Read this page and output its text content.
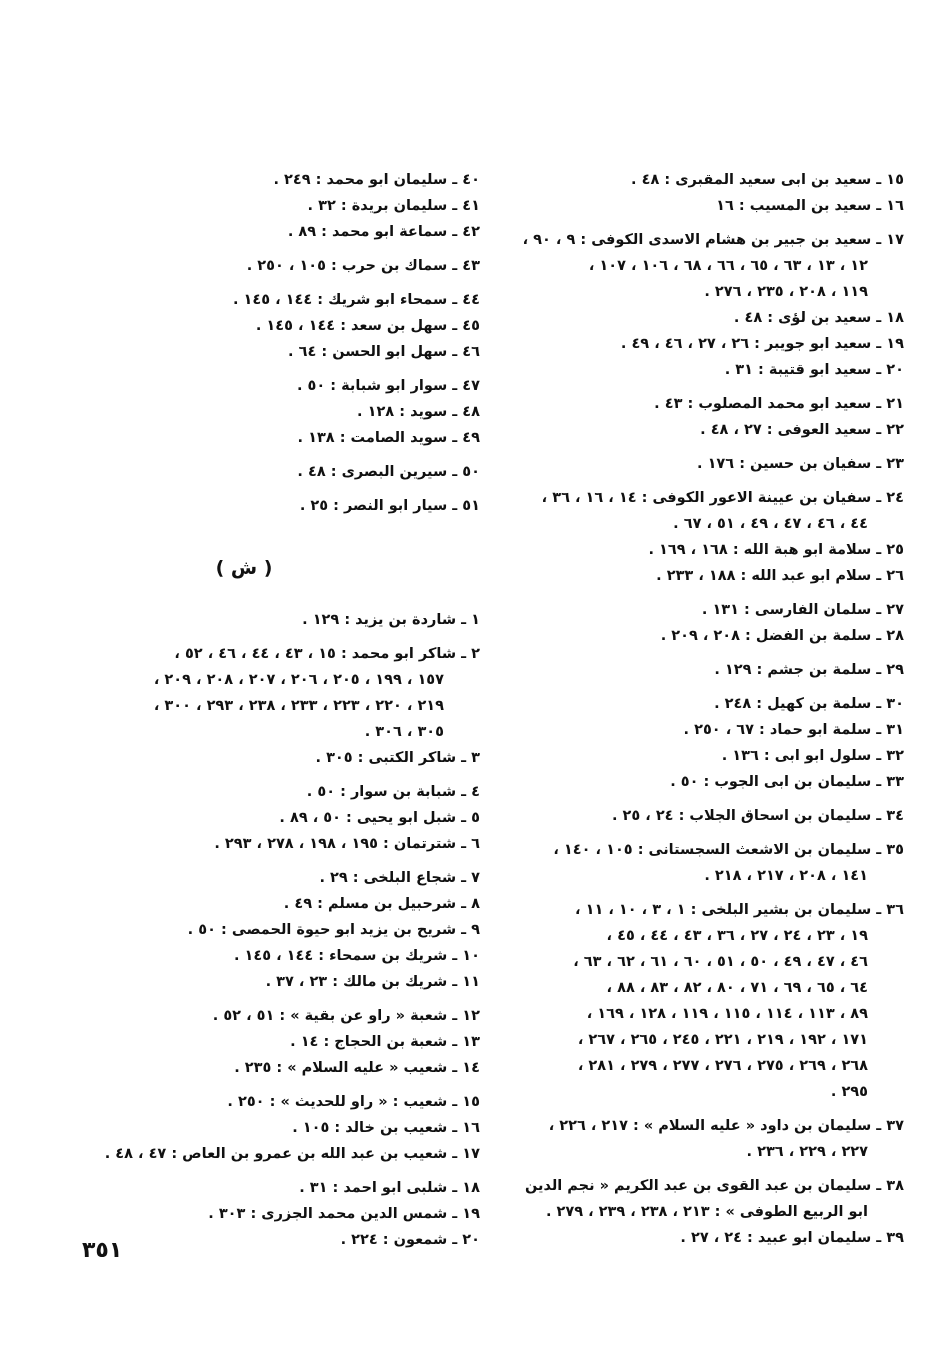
١٥ ـ سعيد بن ابى سعيد المقبرى : ٤٨ .
١٦ ـ سعيد بن المسيب : ١٦
١٧ ـ سعيد بن جبير بن هشام الاسدى الكوفى : ٩ ، ٩٠ ،
١٢ ، ١٣ ، ٦٣ ، ٦٥ ، ٦٦ ، ٦٨ ، ١٠٦ ، ١٠٧ ،
١١٩ ، ٢٠٨ ، ٢٣٥ ، ٢٧٦ .
١٨ ـ سعيد بن لؤى : ٤٨ .
١٩ ـ سعيد ابو جويبر : ٢٦ ، ٢٧ ، ٤٦ ، ٤٩ .
٢٠ ـ سعيد ابو قتيبة : ٣١ .
٢١ ـ سعيد ابو محمد المصلوب : ٤٣ .
٢٢ ـ سعيد العوفى : ٢٧ ، ٤٨ .
٢٣ ـ سفيان بن حسين : ١٧٦ .
٢٤ ـ سفيان بن عيينة الاعور الكوفى : ١٤ ، ١٦ ، ٣٦ ،
٤٤ ، ٤٦ ، ٤٧ ، ٤٩ ، ٥١ ، ٦٧ .
٢٥ ـ سلامة ابو هبة الله : ١٦٨ ، ١٦٩ .
٢٦ ـ سلام ابو عبد الله : ١٨٨ ، ٢٣٣ .
٢٧ ـ سلمان الفارسى : ١٣١ .
٢٨ ـ سلمة بن الفضل : ٢٠٨ ، ٢٠٩ .
٢٩ ـ سلمة بن جشم : ١٢٩ .
٣٠ ـ سلمة بن كهيل : ٢٤٨ .
٣١ ـ سلمة ابو حماد : ٦٧ ، ٢٥٠ .
٣٢ ـ سلول ابو ابى : ١٣٦ .
٣٣ ـ سليمان بن ابى الجوب : ٥٠ .
٣٤ ـ سليمان بن اسحاق الجلاب : ٢٤ ، ٢٥ .
٣٥ ـ سليمان بن الاشعث السجستانى : ١٠٥ ، ١٤٠ ،
١٤١ ، ٢٠٨ ، ٢١٧ ، ٢١٨ .
٣٦ ـ سليمان بن بشير البلخى : ١ ، ٣ ، ١٠ ، ١١ ،
١٩ ، ٢٣ ، ٢٤ ، ٢٧ ، ٣٦ ، ٤٣ ، ٤٤ ، ٤٥ ،
٤٦ ، ٤٧ ، ٤٩ ، ٥٠ ، ٥١ ، ٦٠ ، ٦١ ، ٦٢ ، ٦٣ ،
٦٤ ، ٦٥ ، ٦٩ ، ٧١ ، ٨٠ ، ٨٢ ، ٨٣ ، ٨٨ ،
٨٩ ، ١١٣ ، ١١٤ ، ١١٥ ، ١١٩ ، ١٢٨ ، ١٦٩ ،
١٧١ ، ١٩٢ ، ٢١٩ ، ٢٢١ ، ٢٤٥ ، ٢٦٥ ، ٢٦٧ ،
٢٦٨ ، ٢٦٩ ، ٢٧٥ ، ٢٧٦ ، ٢٧٧ ، ٢٧٩ ، ٢٨١ ،
٢٩٥ .
٣٧ ـ سليمان بن داود « عليه السلام » : ٢١٧ ، ٢٢٦ ،
٢٢٧ ، ٢٢٩ ، ٢٣٦ .
٣٨ ـ سليمان بن عبد القوى بن عبد الكريم « نجم الدين
ابو الربيع الطوفى » : ٢١٣ ، ٢٣٨ ، ٢٣٩ ، ٢٧٩ .
٣٩ ـ سليمان ابو عبيد : ٢٤ ، ٢٧ .
٤٠ ـ سليمان ابو محمد : ٢٤٩ .
٤١ ـ سليمان بريدة : ٣٢ .
٤٢ ـ سماعة ابو محمد : ٨٩ .
٤٣ ـ سماك بن حرب : ١٠٥ ، ٢٥٠ .
٤٤ ـ سمحاء ابو شريك : ١٤٤ ، ١٤٥ .
٤٥ ـ سهل بن سعد : ١٤٤ ، ١٤٥ .
٤٦ ـ سهل ابو الحسن : ٦٤ .
٤٧ ـ سوار ابو شبابة : ٥٠ .
٤٨ ـ سويد : ١٢٨ .
٤٩ ـ سويد الصامت : ١٣٨ .
٥٠ ـ سيرين البصرى : ٤٨ .
٥١ ـ سيار ابو النصر : ٢٥ .
( ش )
١ ـ شاردة بن يزيد : ١٢٩ .
٢ ـ شاكر ابو محمد : ١٥ ، ٤٣ ، ٤٤ ، ٤٦ ، ٥٢ ،
١٥٧ ، ١٩٩ ، ٢٠٥ ، ٢٠٦ ، ٢٠٧ ، ٢٠٨ ، ٢٠٩ ،
٢١٩ ، ٢٢٠ ، ٢٢٣ ، ٢٣٣ ، ٢٣٨ ، ٢٩٣ ، ٣٠٠ ،
٣٠٥ ، ٣٠٦ .
٣ ـ شاكر الكتبى : ٣٠٥ .
٤ ـ شبابة بن سوار : ٥٠ .
٥ ـ شبل ابو يحيى : ٥٠ ، ٨٩ .
٦ ـ شترتمان : ١٩٥ ، ١٩٨ ، ٢٧٨ ، ٢٩٣ .
٧ ـ شجاع البلخى : ٢٩ .
٨ ـ شرحبيل بن مسلم : ٤٩ .
٩ ـ شريح بن يزيد ابو حيوة الحمصى : ٥٠ .
١٠ ـ شريك بن سمحاء : ١٤٤ ، ١٤٥ .
١١ ـ شريك بن مالك : ٢٣ ، ٣٧ .
١٢ ـ شعبة « راو عن بقية » : ٥١ ، ٥٢ .
١٣ ـ شعبة بن الحجاج : ١٤ .
١٤ ـ شعيب « عليه السلام » : ٢٣٥ .
١٥ ـ شعيب : « راو للحديث » : ٢٥٠ .
١٦ ـ شعيب بن خالد : ١٠٥ .
١٧ ـ شعيب بن عبد الله بن عمرو بن العاص : ٤٧ ، ٤٨ .
١٨ ـ شلبى ابو احمد : ٣١ .
١٩ ـ شمس الدين محمد الجزرى : ٣٠٣ .
٢٠ ـ شمعون : ٢٢٤ .
٣٥١
